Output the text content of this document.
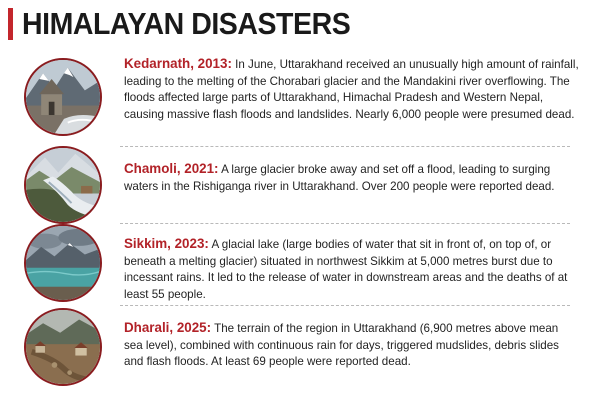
HIMALAYAN DISASTERS
Kedarnath, 2013: In June, Uttarakhand received an unusually high amount of rainfall, leading to the melting of the Chorabari glacier and the Mandakini river overflowing. The floods affected large parts of Uttarakhand, Himachal Pradesh and Western Nepal, causing massive flash floods and landslides. Nearly 6,000 people were presumed dead.
Chamoli, 2021: A large glacier broke away and set off a flood, leading to surging waters in the Rishiganga river in Uttarakhand. Over 200 people were reported dead.
Sikkim, 2023: A glacial lake (large bodies of water that sit in front of, on top of, or beneath a melting glacier) situated in northwest Sikkim at 5,000 metres burst due to incessant rains. It led to the release of water in downstream areas and the deaths of at least 55 people.
Dharali, 2025: The terrain of the region in Uttarakhand (6,900 metres above mean sea level), combined with continuous rain for days, triggered mudslides, debris slides and flash floods. At least 69 people were reported dead.
